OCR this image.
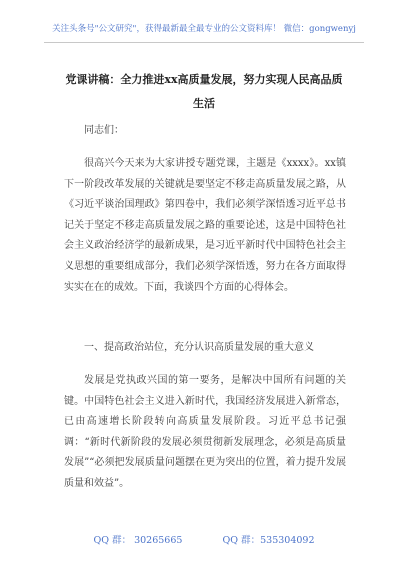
关注头条号"公文研究"，获得最新最全最专业的公文资料库！ 微信：gongwenyj
党课讲稿：全力推进xx高质量发展，努力实现人民高品质生活
同志们：
很高兴今天来为大家讲授专题党课，主题是《xxxx》。xx镇下一阶段改革发展的关键就是要坚定不移走高质量发展之路，从《习近平谈治国理政》第四卷中，我们必须学深悟透习近平总书记关于坚定不移走高质量发展之路的重要论述，这是中国特色社会主义政治经济学的最新成果，是习近平新时代中国特色社会主义思想的重要组成部分，我们必须学深悟透，努力在各方面取得实实在在的成效。下面，我谈四个方面的心得体会。
一、提高政治站位，充分认识高质量发展的重大意义
发展是党执政兴国的第一要务，是解决中国所有问题的关键。中国特色社会主义进入新时代，我国经济发展进入新常态，已由高速增长阶段转向高质量发展阶段。习近平总书记强调：“新时代新阶段的发展必须贯彻新发展理念，必须是高质量发展”“必须把发展质量问题摆在更为突出的位置，着力提升发展质量和效益”。
QQ 群： 30265665	QQ 群：535304092
